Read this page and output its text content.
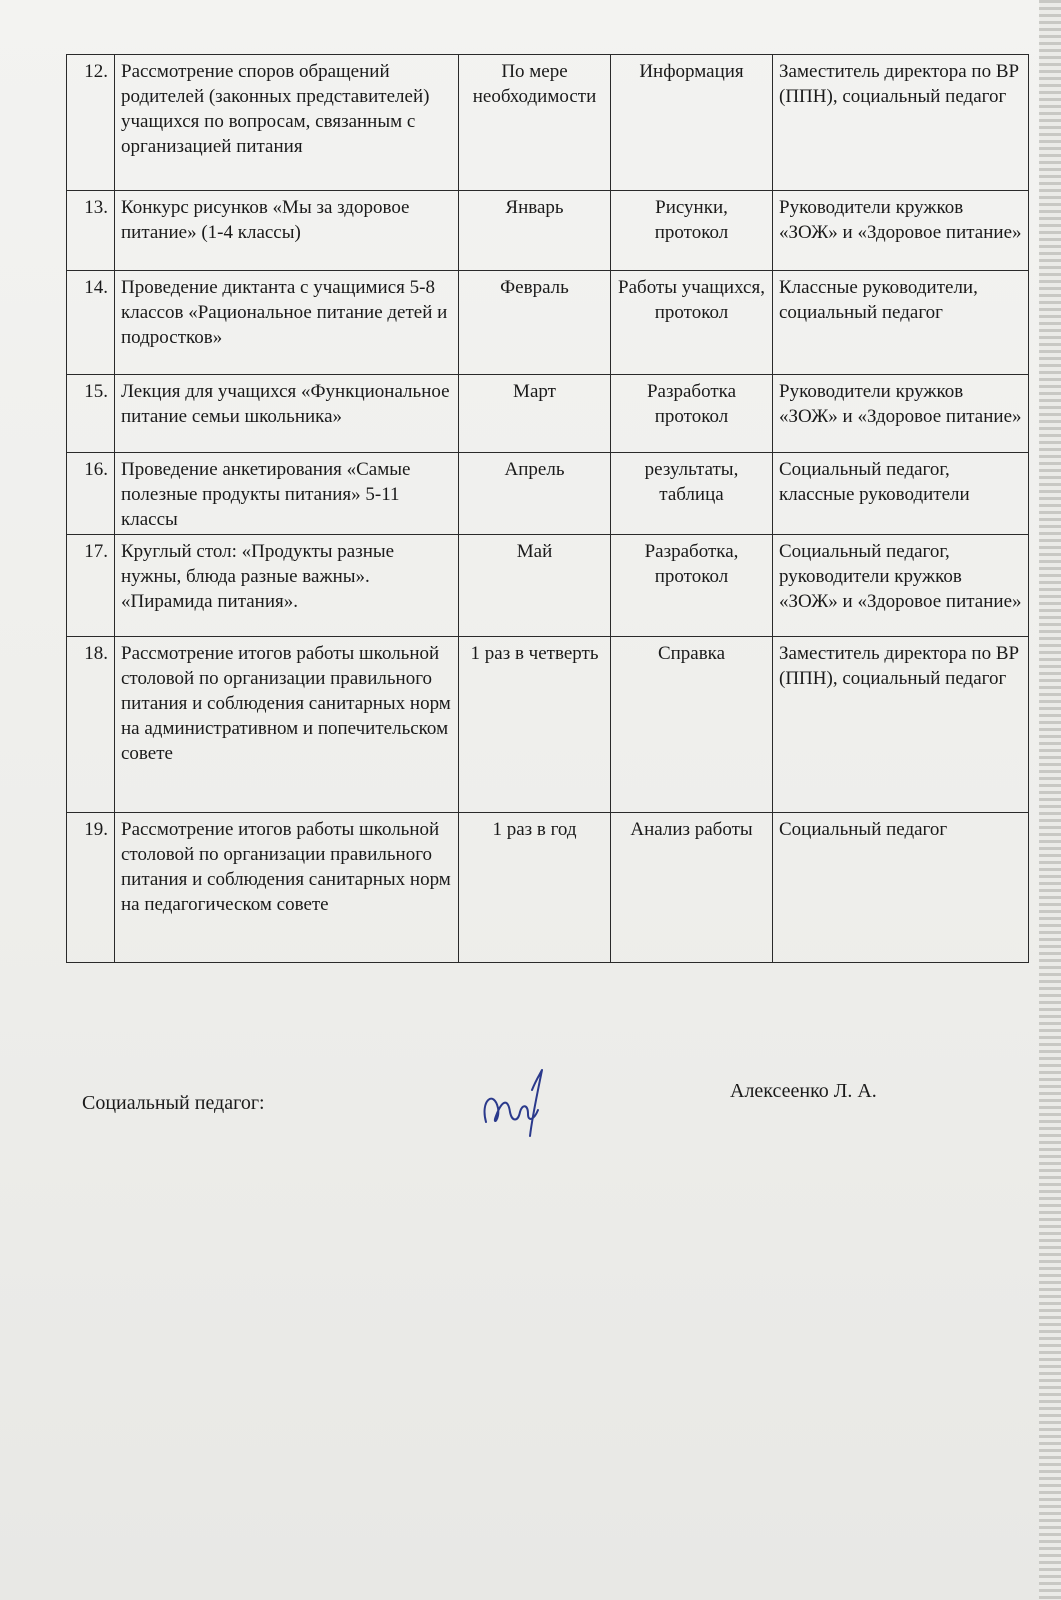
12.	Рассмотрение споров обращений родителей (законных представителей) учащихся по вопросам, связанным с организацией питания	По мере необходимости	Информация	Заместитель директора по ВР (ППН), социальный педагог
13.	Конкурс рисунков «Мы за здоровое питание» (1-4 классы)	Январь	Рисунки, протокол	Руководители кружков «ЗОЖ» и «Здоровое питание»
14.	Проведение диктанта с учащимися 5-8 классов «Рациональное питание детей и подростков»	Февраль	Работы учащихся, протокол	Классные руководители, социальный педагог
15.	Лекция для учащихся «Функциональное питание семьи школьника»	Март	Разработка протокол	Руководители кружков «ЗОЖ» и «Здоровое питание»
16.	Проведение анкетирования «Самые полезные продукты питания» 5-11 классы	Апрель	результаты, таблица	Социальный педагог, классные руководители
17.	Круглый стол: «Продукты разные нужны, блюда разные важны». «Пирамида питания».	Май	Разработка, протокол	Социальный педагог, руководители кружков «ЗОЖ» и «Здоровое питание»
18.	Рассмотрение итогов работы школьной столовой по организации правильного питания и соблюдения санитарных норм на административном и попечительском совете	1 раз в четверть	Справка	Заместитель директора по ВР (ППН), социальный педагог
19.	Рассмотрение итогов работы школьной столовой по организации правильного питания и соблюдения санитарных норм на педагогическом совете	1 раз в год	Анализ работы	Социальный педагог
Социальный педагог:
Алексеенко Л. А.
